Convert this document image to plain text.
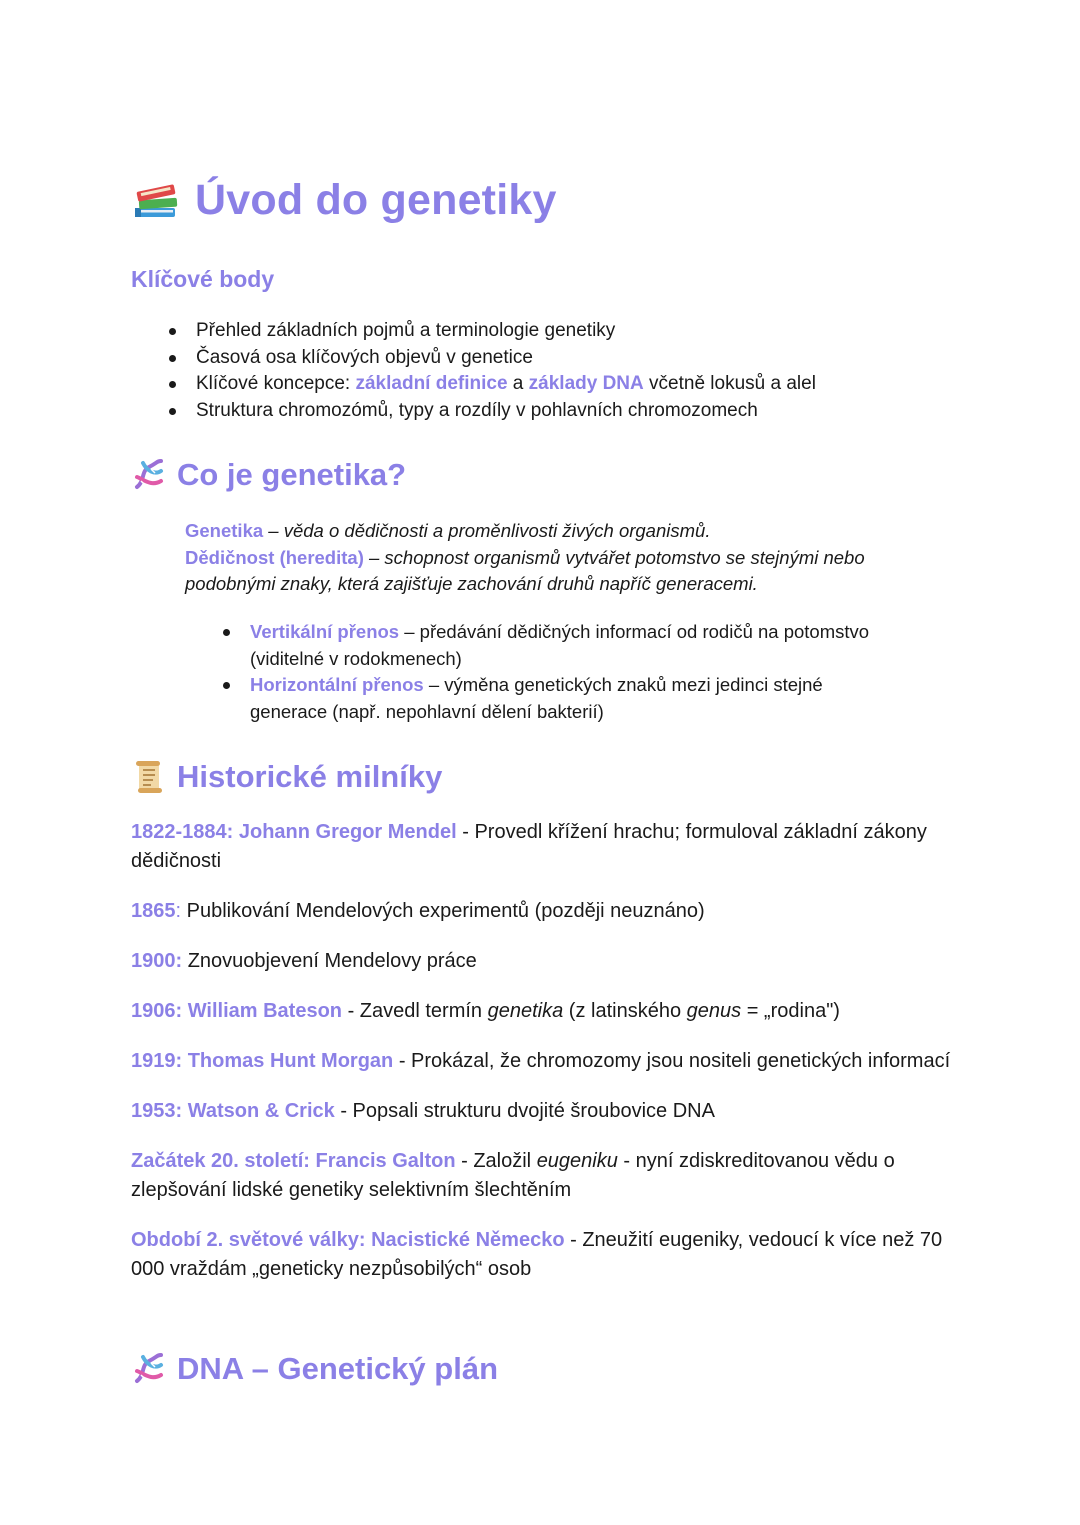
Úvod do genetiky
Klíčové body
Přehled základních pojmů a terminologie genetiky
Časová osa klíčových objevů v genetice
Klíčové koncepce: základní definice a základy DNA včetně lokusů a alel
Struktura chromozómů, typy a rozdíly v pohlavních chromozomech
Co je genetika?
Genetika – věda o dědičnosti a proměnlivosti živých organismů.
Dědičnost (heredita) – schopnost organismů vytvářet potomstvo se stejnými nebo podobnými znaky, která zajišťuje zachování druhů napříč generacemi.
Vertikální přenos – předávání dědičných informací od rodičů na potomstvo (viditelné v rodokmenech)
Horizontální přenos – výměna genetických znaků mezi jedinci stejné generace (např. nepohlavní dělení bakterií)
Historické milníky

1822-1884: Johann Gregor Mendel - Provedl křížení hrachu; formuloval základní zákony dědičnosti

1865: Publikování Mendelových experimentů (později neuznáno)

1900: Znovuobjevení Mendelovy práce

1906: William Bateson - Zavedl termín genetika (z latinského genus = „rodina")

1919: Thomas Hunt Morgan - Prokázal, že chromozomy jsou nositeli genetických informací

1953: Watson & Crick - Popsali strukturu dvojité šroubovice DNA

Začátek 20. století: Francis Galton - Založil eugeniku - nyní zdiskreditovanou vědu o zlepšování lidské genetiky selektivním šlechtěním

Období 2. světové války: Nacistické Německo - Zneužití eugeniky, vedoucí k více než 70 000 vraždám „geneticky nezpůsobilých“ osob

DNA – Genetický plán
